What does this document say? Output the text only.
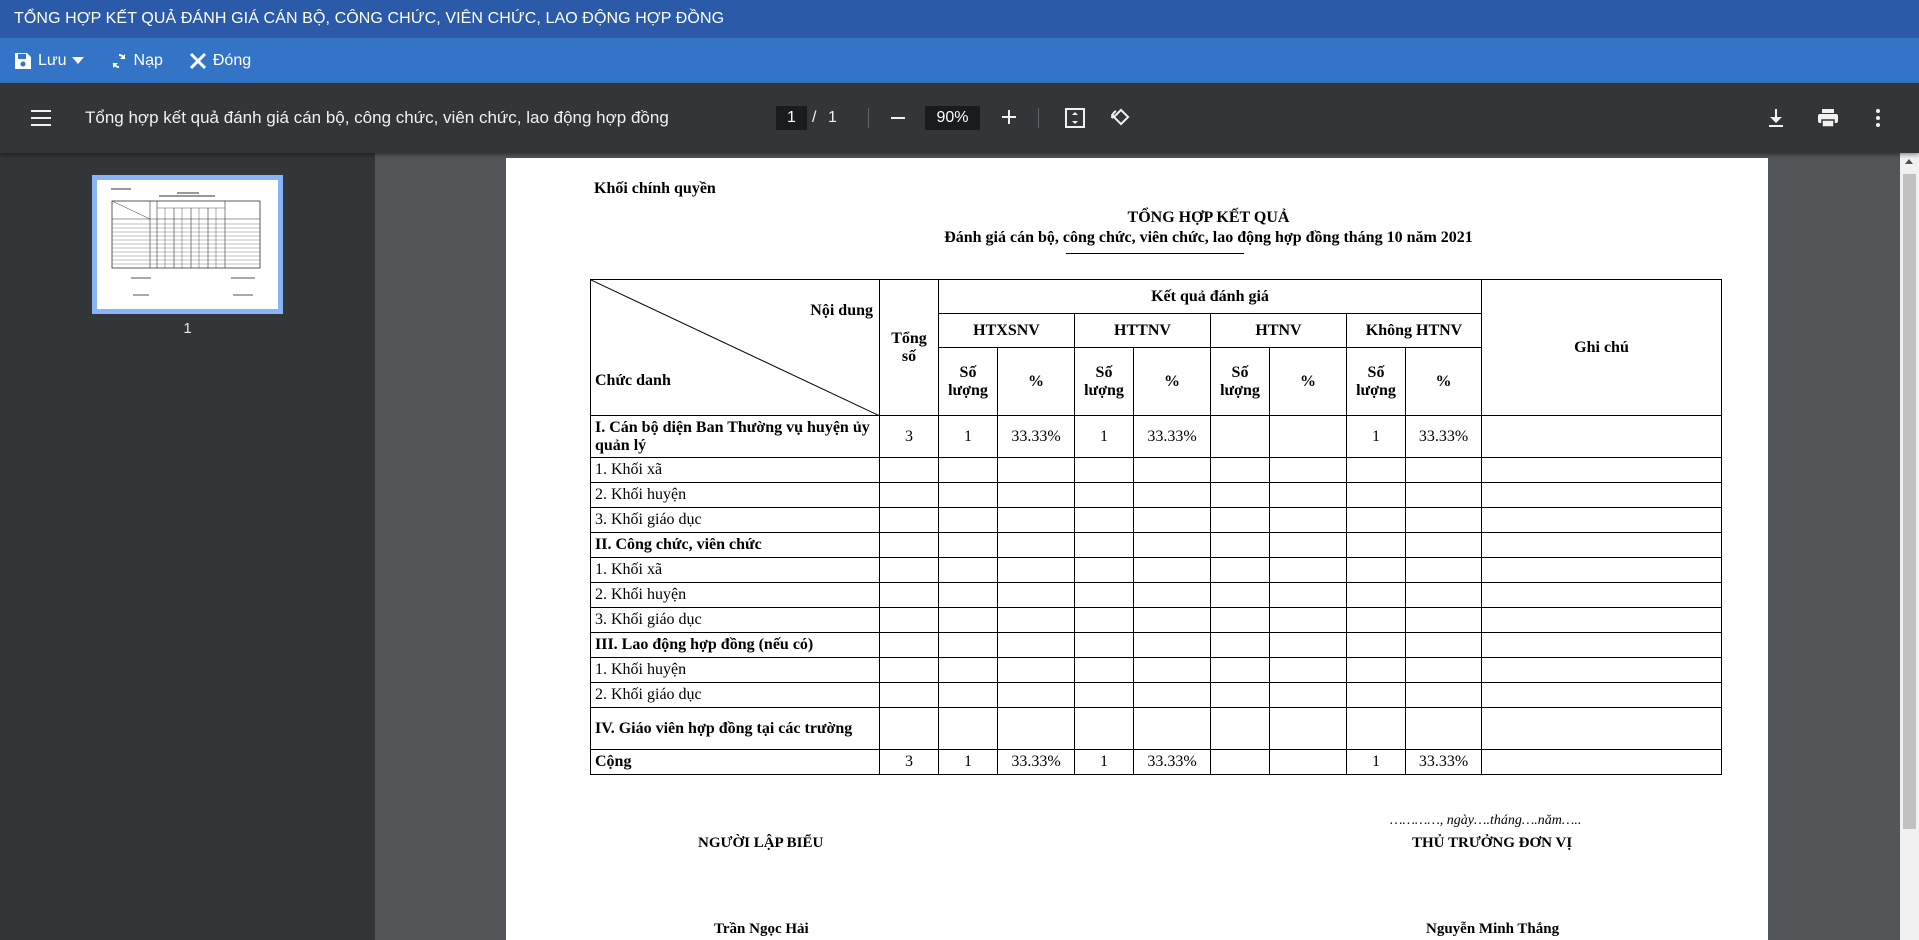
TỔNG HỢP KẾT QUẢ ĐÁNH GIÁ CÁN BỘ, CÔNG CHỨC, VIÊN CHỨC, LAO ĐỘNG HỢP ĐỒNG
Lưu	Nạp	Đóng
Tổng hợp kết quả đánh giá cán bộ, công chức, viên chức, lao động hợp đồng	1	/ 1	90%
1
Khối chính quyền
TỔNG HỢP KẾT QUẢ
Đánh giá cán bộ, công chức, viên chức, lao động hợp đồng tháng 10 năm 2021
Nội dung
Chức danh	Tổng số	Kết quả đánh giá								Ghi chú
		HTXSNV		HTTNV		HTNV		Không HTNV		
		Số lượng	%	Số lượng	%	Số lượng	%	Số lượng	%	
I. Cán bộ diện Ban Thường vụ huyện ủy quản lý	3	1	33.33%	1	33.33%			1	33.33%	
1. Khối xã										
2. Khối huyện										
3. Khối giáo dục										
II. Công chức, viên chức										
1. Khối xã										
2. Khối huyện										
3. Khối giáo dục										
III. Lao động hợp đồng (nếu có)										
1. Khối huyện										
2. Khối giáo dục										
IV. Giáo viên hợp đồng tại các trường										
Cộng	3	1	33.33%	1	33.33%			1	33.33%	
…………, ngày….tháng….năm…..
NGƯỜI LẬP BIỂU	THỦ TRƯỞNG ĐƠN VỊ
Trần Ngọc Hải	Nguyễn Minh Thắng
